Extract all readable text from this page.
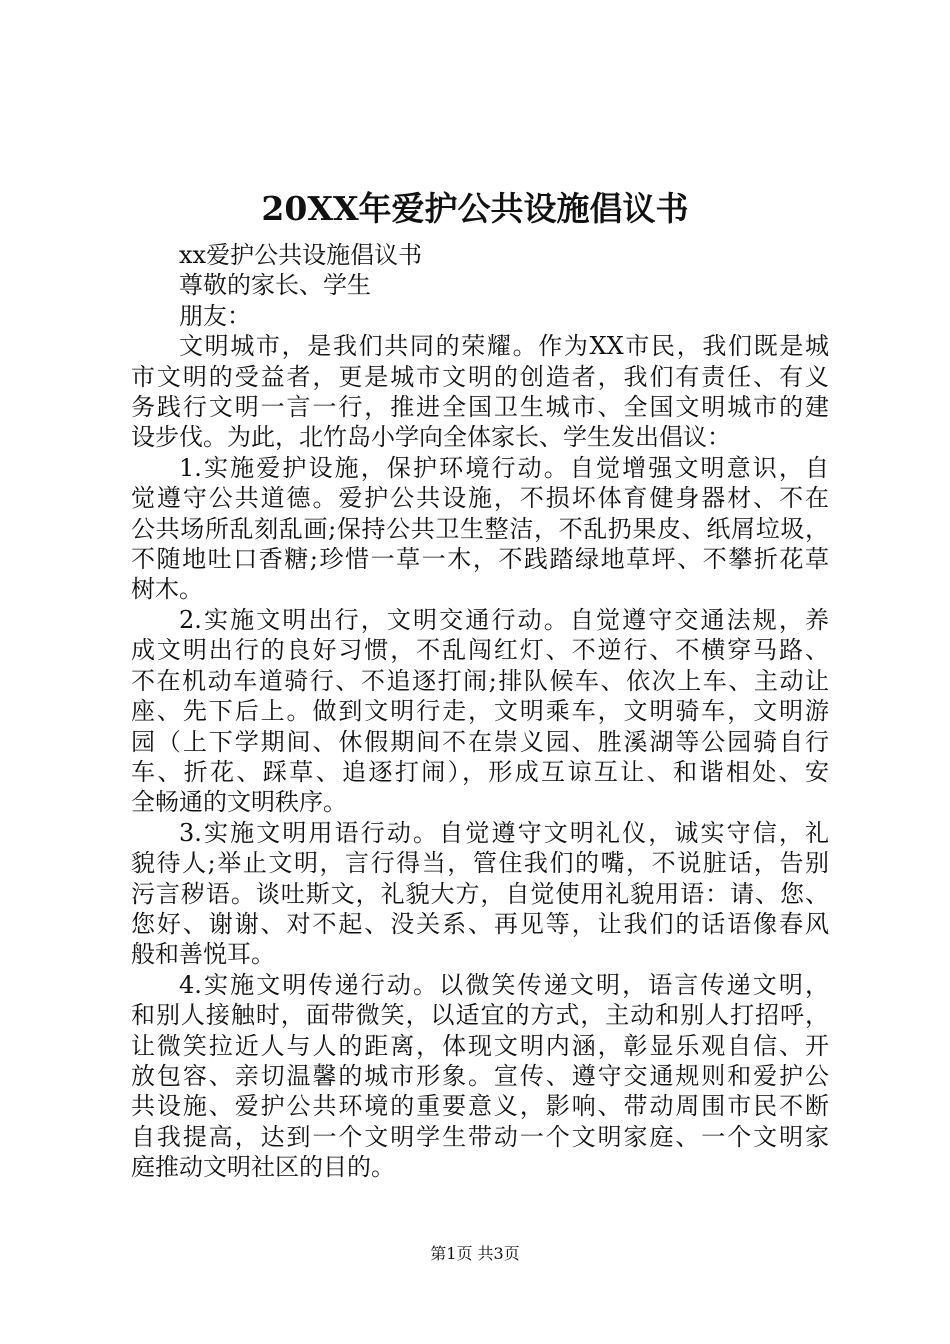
20XX年爱护公共设施倡议书

xx爱护公共设施倡议书

尊敬的家长、学生

朋友：

文明城市，是我们共同的荣耀。作为XX市民，我们既是城

市文明的受益者，更是城市文明的创造者，我们有责任、有义

务践行文明一言一行，推进全国卫生城市、全国文明城市的建

设步伐。为此，北竹岛小学向全体家长、学生发出倡议：

1.实施爱护设施，保护环境行动。自觉增强文明意识，自

觉遵守公共道德。爱护公共设施，不损坏体育健身器材、不在

公共场所乱刻乱画;保持公共卫生整洁，不乱扔果皮、纸屑垃圾，

不随地吐口香糖;珍惜一草一木，不践踏绿地草坪、不攀折花草

树木。

2.实施文明出行，文明交通行动。自觉遵守交通法规，养

成文明出行的良好习惯，不乱闯红灯、不逆行、不横穿马路、

不在机动车道骑行、不追逐打闹;排队候车、依次上车、主动让

座、先下后上。做到文明行走，文明乘车，文明骑车，文明游

园（上下学期间、休假期间不在崇义园、胜溪湖等公园骑自行

车、折花、踩草、追逐打闹），形成互谅互让、和谐相处、安

全畅通的文明秩序。

3.实施文明用语行动。自觉遵守文明礼仪，诚实守信，礼

貌待人;举止文明，言行得当，管住我们的嘴，不说脏话，告别

污言秽语。谈吐斯文，礼貌大方，自觉使用礼貌用语：请、您、

您好、谢谢、对不起、没关系、再见等，让我们的话语像春风

般和善悦耳。

4.实施文明传递行动。以微笑传递文明，语言传递文明，

和别人接触时，面带微笑，以适宜的方式，主动和别人打招呼，

让微笑拉近人与人的距离，体现文明内涵，彰显乐观自信、开

放包容、亲切温馨的城市形象。宣传、遵守交通规则和爱护公

共设施、爱护公共环境的重要意义，影响、带动周围市民不断

自我提高，达到一个文明学生带动一个文明家庭、一个文明家

庭推动文明社区的目的。

第1页 共3页
